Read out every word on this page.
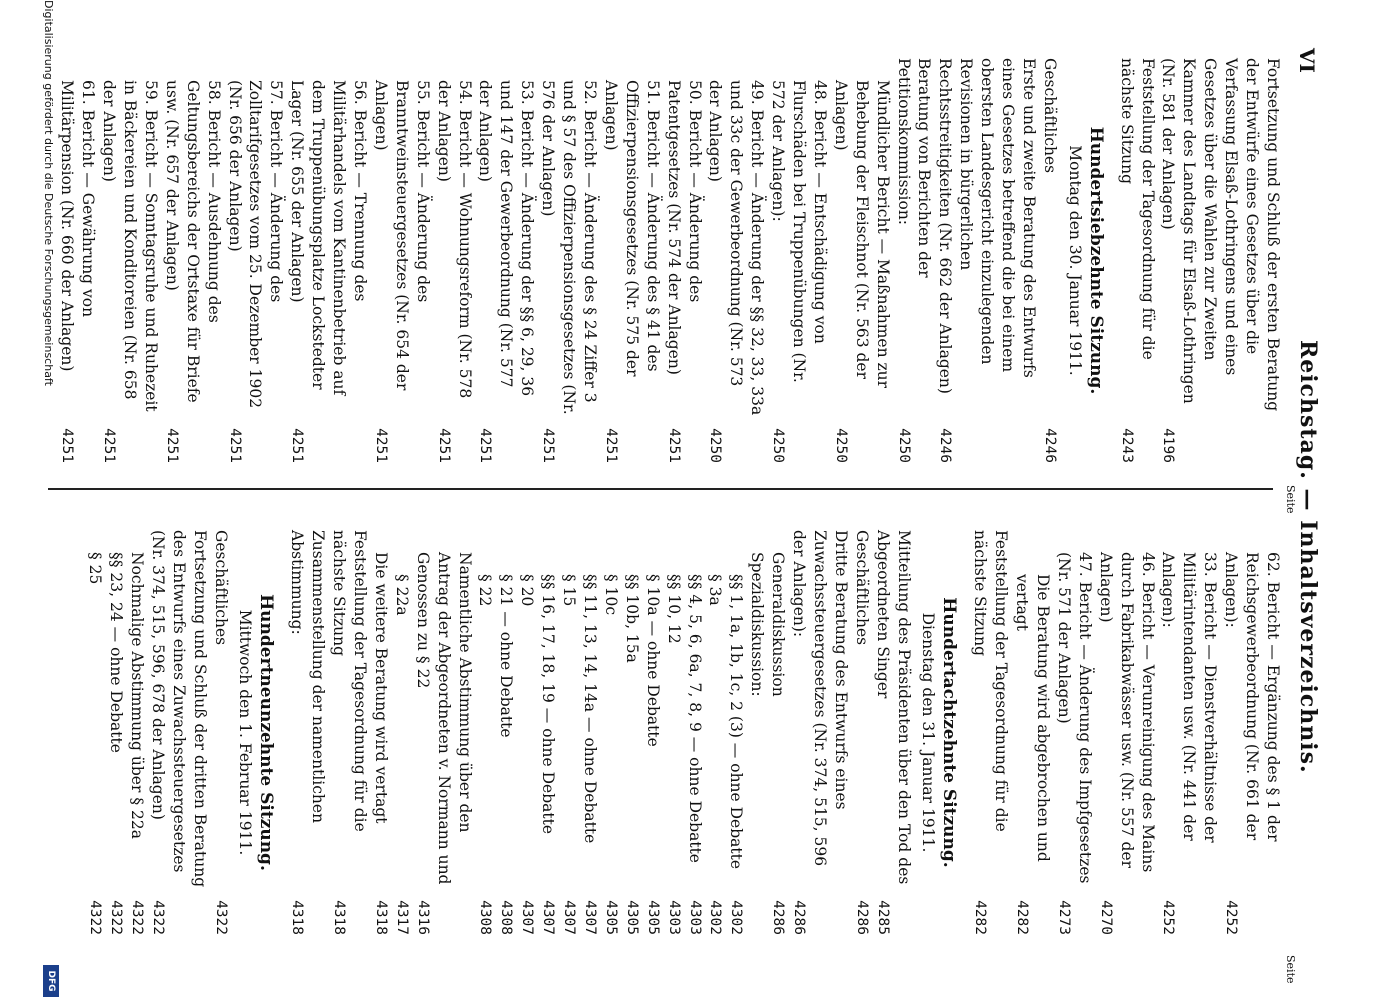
VI
Reichstag. — Inhaltsverzeichnis.
Seite
Seite
Fortsetzung und Schluß der ersten Beratung der Entwürfe eines Gesetzes über die Verfassung Elsaß-Lothringens und eines Gesetzes über die Wahlen zur Zweiten Kammer des Landtags für Elsaß-Lothringen (Nr. 581 der Anlagen)
4196
Feststellung der Tagesordnung für die nächste Sitzung
4243
Hundertsiebzehnte Sitzung.
Montag den 30. Januar 1911.
Geschäftliches
4246
Erste und zweite Beratung des Entwurfs eines Gesetzes betreffend die bei einem obersten Landesgericht einzulegenden Revisionen in bürgerlichen Rechtsstreitigkeiten (Nr. 662 der Anlagen)
4246
Beratung von Berichten der Petitionskommission:
4250
Mündlicher Bericht — Maßnahmen zur Behebung der Fleischnot (Nr. 563 der Anlagen)
4250
48. Bericht — Entschädigung von Flurschäden bei Truppenübungen (Nr. 572 der Anlagen):
4250
49. Bericht — Änderung der §§ 32, 33, 33a und 33c der Gewerbeordnung (Nr. 573 der Anlagen)
4250
50. Bericht — Änderung des Patentgesetzes (Nr. 574 der Anlagen)
4251
51. Bericht — Änderung des § 41 des Offizierpensionsgesetzes (Nr. 575 der Anlagen)
4251
52. Bericht — Änderung des § 24 Ziffer 3 und § 57 des Offizierpensionsgesetzes (Nr. 576 der Anlagen)
4251
53. Bericht — Änderung der §§ 6, 29, 36 und 147 der Gewerbeordnung (Nr. 577 der Anlagen)
4251
54. Bericht — Wohnungsreform (Nr. 578 der Anlagen)
4251
55. Bericht — Änderung des Branntweinsteuergesetzes (Nr. 654 der Anlagen)
4251
56. Bericht — Trennung des Militärhandels vom Kantinenbetrieb auf dem Truppenübungsplatze Lockstedter Lager (Nr. 655 der Anlagen)
4251
57. Bericht — Änderung des Zolltarifgesetzes vom 25. Dezember 1902 (Nr. 656 der Anlagen)
4251
58. Bericht — Ausdehnung des Geltungsbereichs der Ortstaxe für Briefe usw. (Nr. 657 der Anlagen)
4251
59. Bericht — Sonntagsruhe und Ruhezeit in Bäckereien und Konditoreien (Nr. 658 der Anlagen)
4251
61. Bericht — Gewährung von Militärpension (Nr. 660 der Anlagen)
4251
62. Bericht — Ergänzung des § 1 der Reichsgewerbeordnung (Nr. 661 der Anlagen):
4252
33. Bericht — Dienstverhältnisse der Militärintendanten usw. (Nr. 441 der Anlagen):
4252
46. Bericht — Verunreinigung des Mains durch Fabrikabwässer usw. (Nr. 557 der Anlagen)
4270
47. Bericht — Änderung des Impfgesetzes (Nr. 571 der Anlagen)
4273
Die Beratung wird abgebrochen und vertagt
4282
Feststellung der Tagesordnung für die nächste Sitzung
4282
Hundertachtzehnte Sitzung.
Dienstag den 31. Januar 1911.
Mitteilung des Präsidenten über den Tod des Abgeordneten Singer
4285
Geschäftliches
4286
Dritte Beratung des Entwurfs eines Zuwachssteuergesetzes (Nr. 374, 515, 596 der Anlagen):
4286
Generaldiskussion
4286
Spezialdiskussion:
§§ 1, 1a, 1b, 1c, 2 (3) — ohne Debatte
4302
§ 3a
4302
§§ 4, 5, 6, 6a, 7, 8, 9 — ohne Debatte
4303
§§ 10, 12
4303
§ 10a — ohne Debatte
4305
§§ 10b, 15a
4305
§ 10c
4305
§§ 11, 13, 14, 14a — ohne Debatte
4307
§ 15
4307
§§ 16, 17, 18, 19 — ohne Debatte
4307
§ 20
4307
§ 21 — ohne Debatte
4308
§ 22
4308
Namentliche Abstimmung über den Antrag der Abgeordneten v. Normann und Genossen zu § 22
4316
§ 22a
4317
Die weitere Beratung wird vertagt
4318
Feststellung der Tagesordnung für die nächste Sitzung
4318
Zusammenstellung der namentlichen Abstimmung:
4318
Hundertneunzehnte Sitzung.
Mittwoch den 1. Februar 1911.
Geschäftliches
4322
Fortsetzung und Schluß der dritten Beratung des Entwurfs eines Zuwachssteuergesetzes (Nr. 374, 515, 596, 678 der Anlagen)
4322
Nochmalige Abstimmung über § 22a
4322
§§ 23, 24 — ohne Debatte
4322
§ 25
4322
Digitalisierung gefördert durch die Deutsche Forschungsgemeinschaft
DFG
